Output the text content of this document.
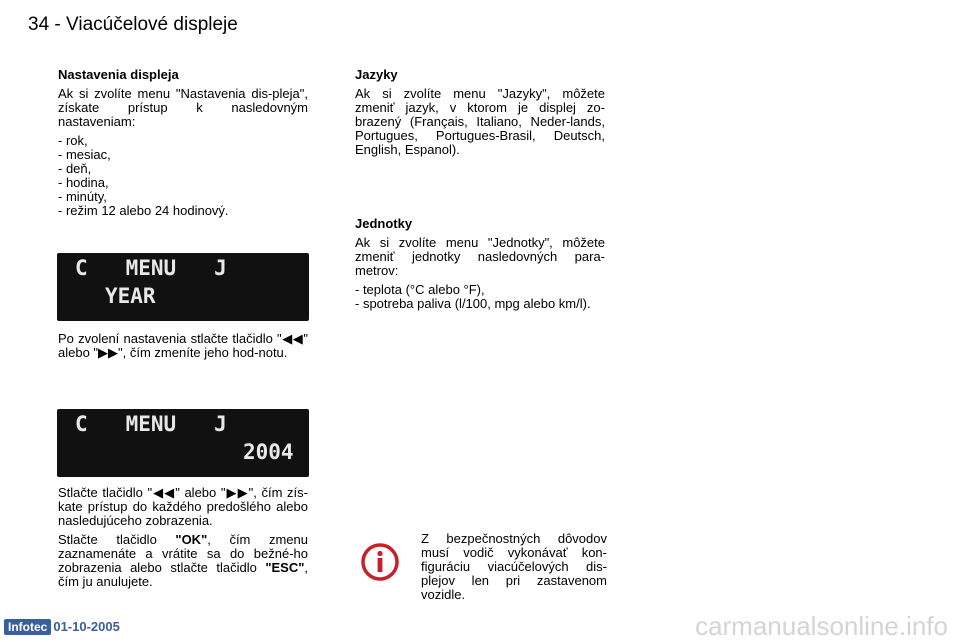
34 - Viacúčelové displeje
Nastavenia displeja

Ak si zvolíte menu "Nastavenia dis-pleja", získate prístup k nasledovným nastaveniam:

- rok,
- mesiac,
- deň,
- hodina,
- minúty,
- režim 12 alebo 24 hodinový.
C   MENU   J
YEAR

Po zvolení nastavenia stlačte tlačidlo "◀◀" alebo "▶▶", čím zmeníte jeho hod-notu.

C   MENU   J
2004

Stlačte tlačidlo "◀◀" alebo "▶▶", čím zís-kate prístup do každého predošlého alebo nasledujúceho zobrazenia.

Stlačte tlačidlo "OK", čím zmenu zaznamenáte a vrátite sa do bežné-ho zobrazenia alebo stlačte tlačidlo "ESC", čím ju anulujete.

Jazyky

Ak si zvolíte menu "Jazyky", môžete zmeniť jazyk, v ktorom je displej zo-brazený (Français, Italiano, Neder-lands, Portugues, Portugues-Brasil, Deutsch, English, Espanol).

Jednotky

Ak si zvolíte menu "Jednotky", môžete zmeniť jednotky nasledovných para-metrov:

- teplota (°C alebo °F),
- spotreba paliva (l/100, mpg alebo km/l).
Z bezpečnostných dôvodov musí vodič vykonávať kon-figuráciu viacúčelových dis-plejov len pri zastavenom vozidle.
Infotec 01-10-2005	carmanualsonline.info
